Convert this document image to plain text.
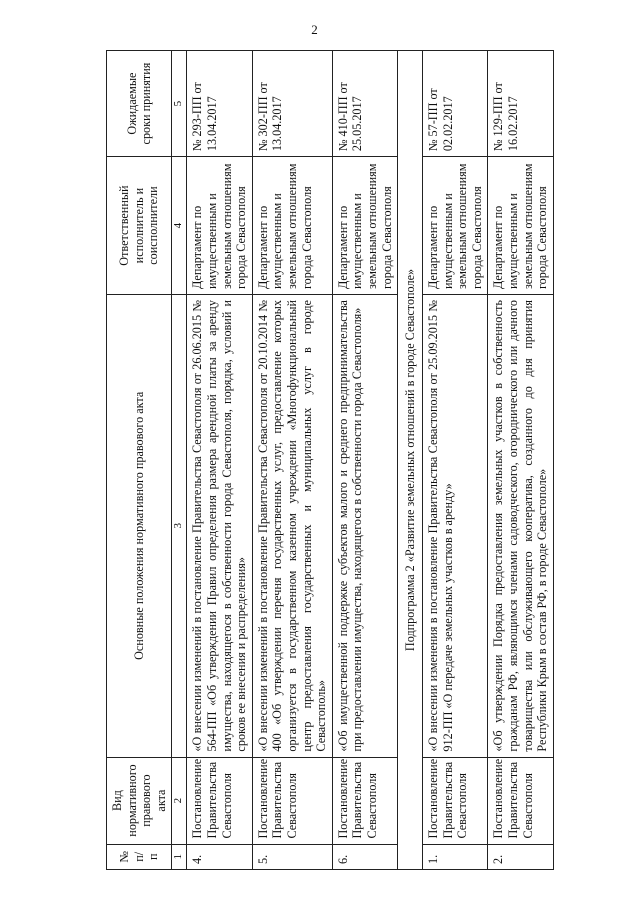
2
№ п/п	Вид нормативного правового акта	Основные положения нормативного правового акта	Ответственный исполнитель и соисполнители	Ожидаемые сроки принятия
1	2	3	4	5
4.	Постановление Правительства Севастополя	«О внесении изменений в постановление Правительства Севастополя от 26.06.2015 № 564-ПП «Об утверждении Правил определения размера арендной платы за аренду имущества, находящегося в собственности города Севастополя, порядка, условий и сроков ее внесения и распределения»	Департамент по имущественным и земельным отношениям города Севастополя	№ 293-ПП от 13.04.2017
5.	Постановление Правительства Севастополя	«О внесении изменений в постановление Правительства Севастополя от 20.10.2014 № 400 «Об утверждении перечня государственных услуг, предоставление которых организуется в государственном казенном учреждении «Многофункциональный центр предоставления государственных и муниципальных услуг в городе Севастополь»	Департамент по имущественным и земельным отношениям города Севастополя	№ 302-ПП от 13.04.2017
6.	Постановление Правительства Севастополя	«Об имущественной поддержке субъектов малого и среднего предпринимательства при предоставлении имущества, находящегося в собственности города Севастополя»	Департамент по имущественным и земельным отношениям города Севастополя	№ 410-ПП от 25.05.2017
Подпрограмма 2 «Развитие земельных отношений в городе Севастополе»				
1.	Постановление Правительства Севастополя	«О внесении изменения в постановление Правительства Севастополя от 25.09.2015 № 912-ПП «О передаче земельных участков в аренду»	Департамент по имущественным и земельным отношениям города Севастополя	№ 57-ПП от 02.02.2017
2.	Постановление Правительства Севастополя	«Об утверждении Порядка предоставления земельных участков в собственность гражданам РФ, являющимся членами садоводческого, огороднического или дачного товарищества или обслуживающего кооператива, созданного до дня принятия Республики Крым в состав РФ, в городе Севастополе»	Департамент по имущественным и земельным отношениям города Севастополя	№ 129-ПП от 16.02.2017
